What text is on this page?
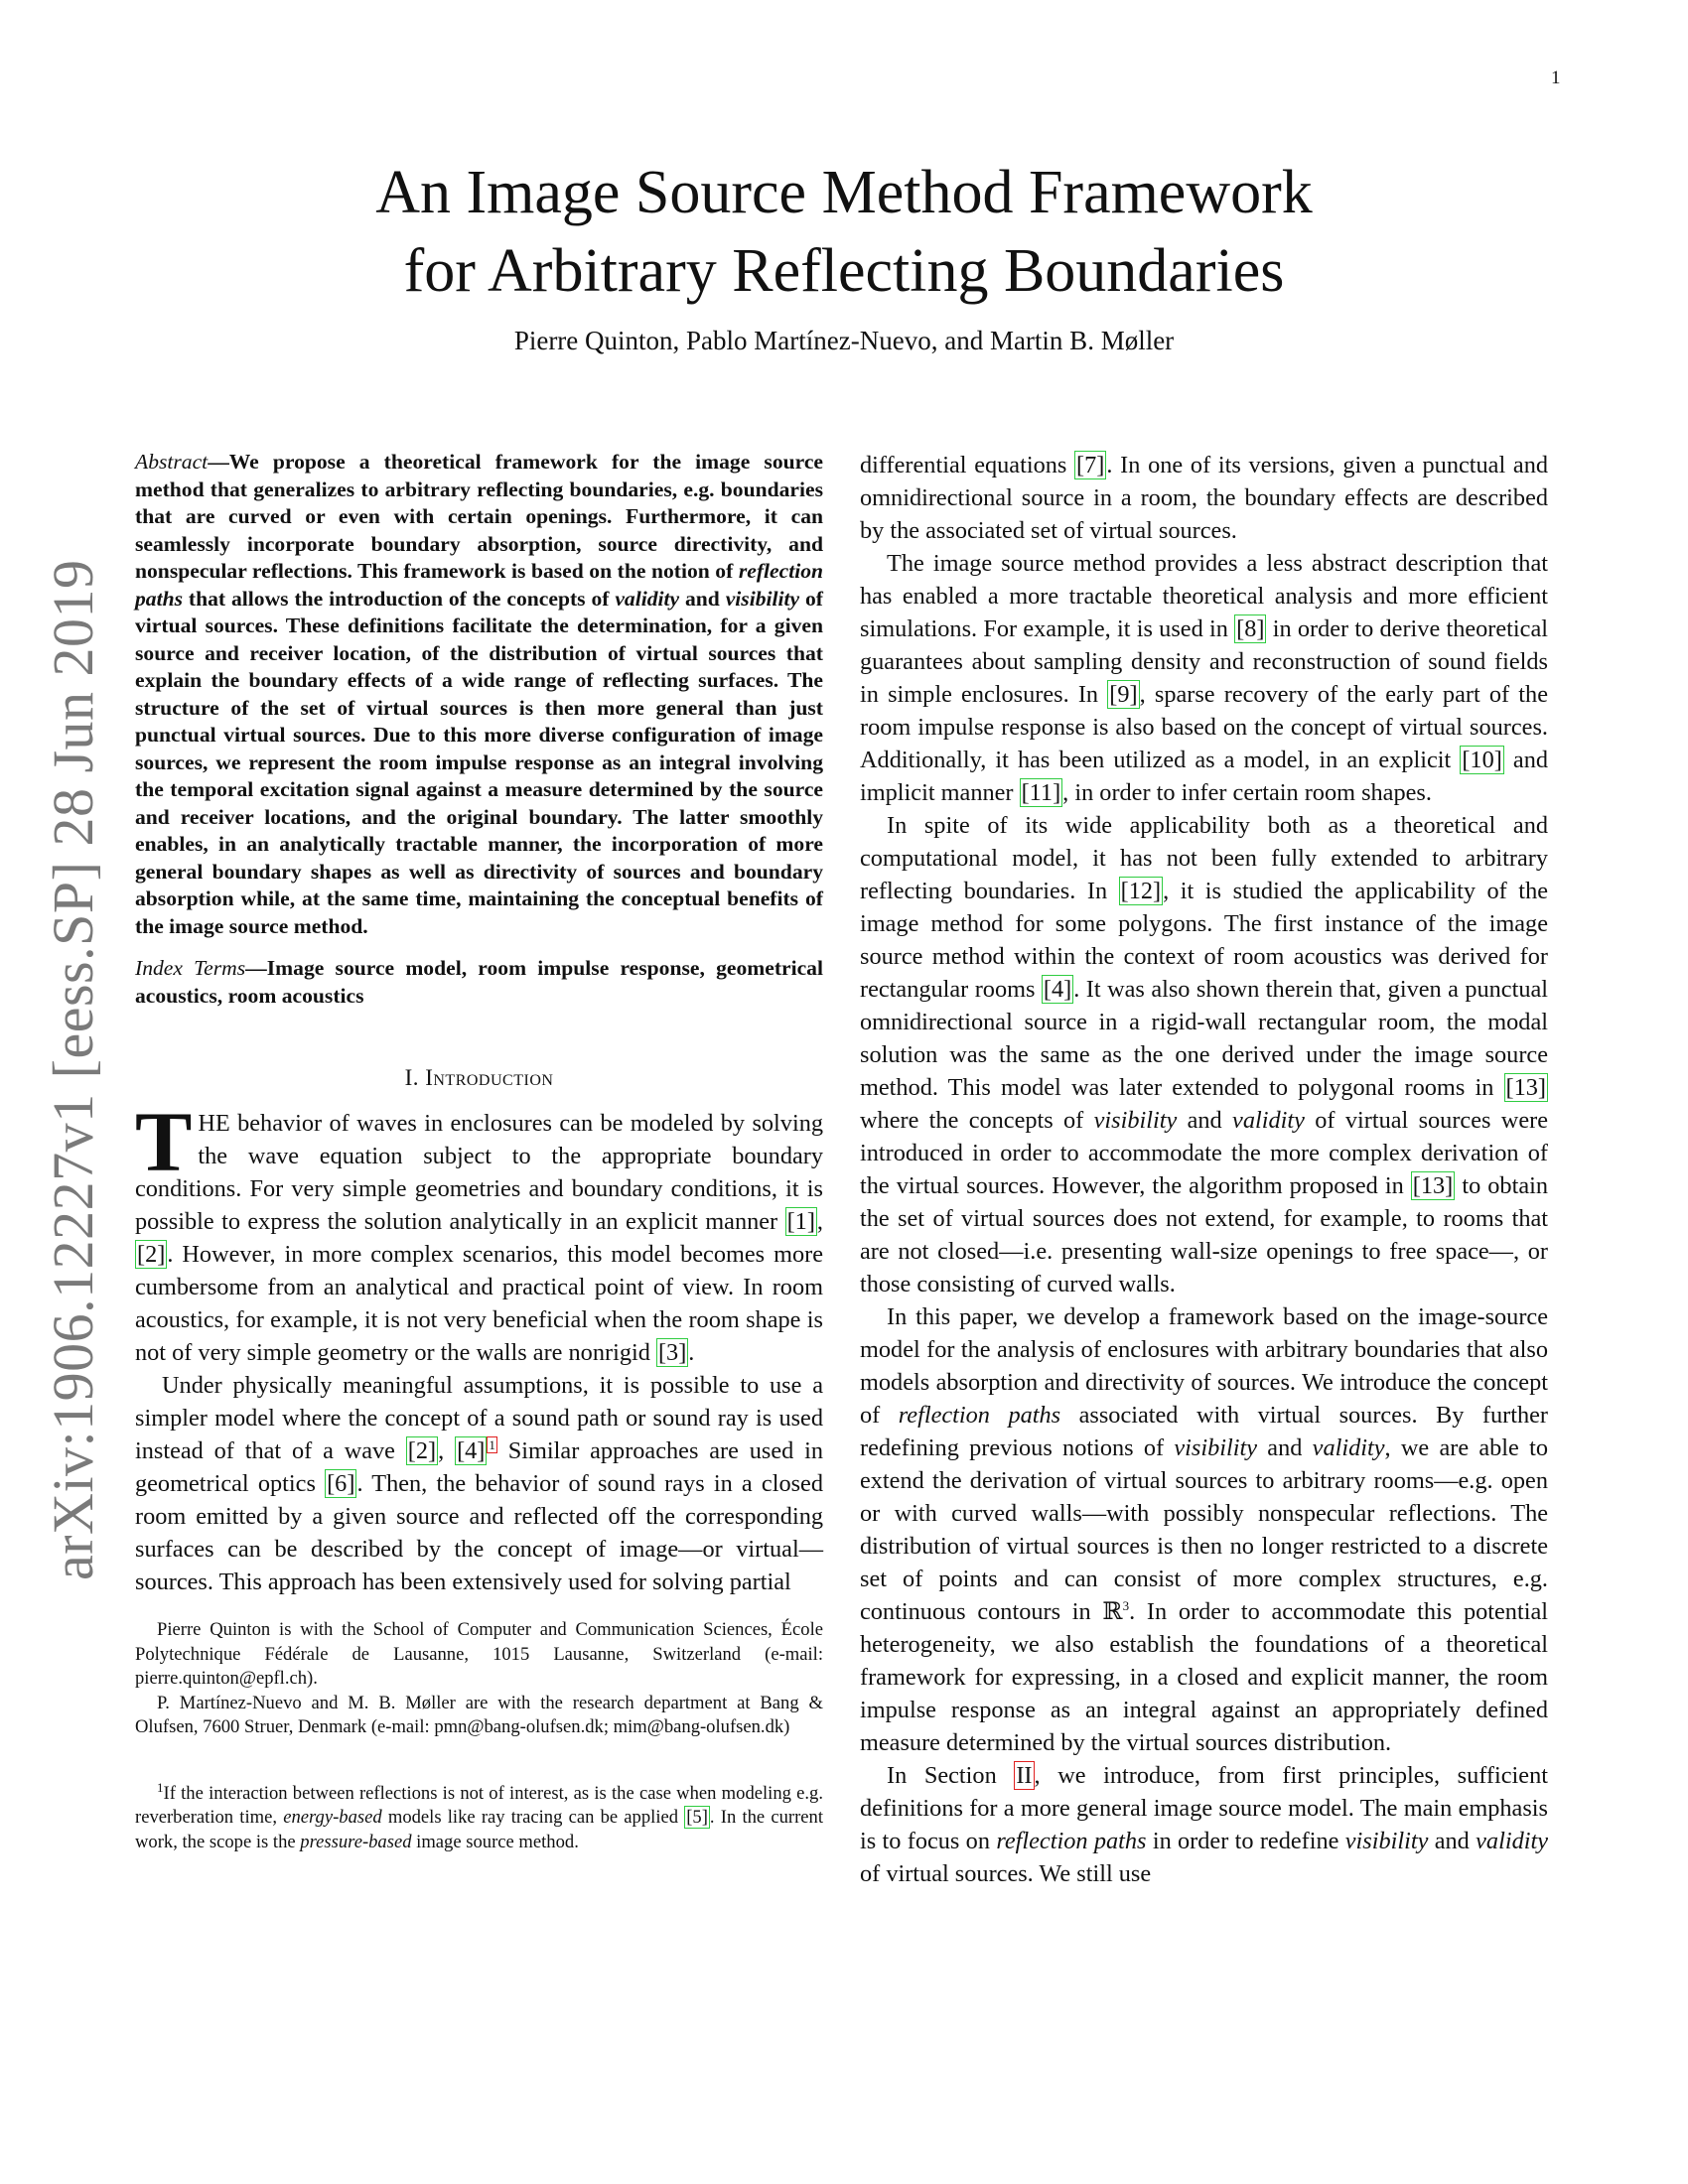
1
arXiv:1906.12227v1 [eess.SP] 28 Jun 2019
An Image Source Method Framework
for Arbitrary Reflecting Boundaries
Pierre Quinton, Pablo Martínez-Nuevo, and Martin B. Møller

Abstract—We propose a theoretical framework for the image source method that generalizes to arbitrary reflecting boundaries, e.g. boundaries that are curved or even with certain openings. Furthermore, it can seamlessly incorporate boundary absorption, source directivity, and nonspecular reflections. This framework is based on the notion of reflection paths that allows the introduction of the concepts of validity and visibility of virtual sources. These definitions facilitate the determination, for a given source and receiver location, of the distribution of virtual sources that explain the boundary effects of a wide range of reflecting surfaces. The structure of the set of virtual sources is then more general than just punctual virtual sources. Due to this more diverse configuration of image sources, we represent the room impulse response as an integral involving the temporal excitation signal against a measure determined by the source and receiver locations, and the original boundary. The latter smoothly enables, in an analytically tractable manner, the incorporation of more general boundary shapes as well as directivity of sources and boundary absorption while, at the same time, maintaining the conceptual benefits of the image source method.

Index Terms—Image source model, room impulse response, geometrical acoustics, room acoustics

I. Introduction

THE behavior of waves in enclosures can be modeled by solving the wave equation subject to the appropriate boundary conditions. For very simple geometries and boundary conditions, it is possible to express the solution analytically in an explicit manner [1], [2]. However, in more complex scenarios, this model becomes more cumbersome from an analytical and practical point of view. In room acoustics, for example, it is not very beneficial when the room shape is not of very simple geometry or the walls are nonrigid [3].

Under physically meaningful assumptions, it is possible to use a simpler model where the concept of a sound path or sound ray is used instead of that of a wave [2], [4] $^1$ Similar approaches are used in geometrical optics [6]. Then, the behavior of sound rays in a closed room emitted by a given source and reflected off the corresponding surfaces can be described by the concept of image—or virtual—sources. This approach has been extensively used for solving partial

Pierre Quinton is with the School of Computer and Communication Sciences, École Polytechnique Fédérale de Lausanne, 1015 Lausanne, Switzerland (e-mail: pierre.quinton@epfl.ch).

P. Martínez-Nuevo and M. B. Møller are with the research department at Bang & Olufsen, 7600 Struer, Denmark (e-mail: pmn@bang-olufsen.dk; mim@bang-olufsen.dk)

$^1$If the interaction between reflections is not of interest, as is the case when modeling e.g. reverberation time, energy-based models like ray tracing can be applied [5] . In the current work, the scope is the pressure-based image source method.

differential equations [7]. In one of its versions, given a punctual and omnidirectional source in a room, the boundary effects are described by the associated set of virtual sources.

The image source method provides a less abstract description that has enabled a more tractable theoretical analysis and more efficient simulations. For example, it is used in [8] in order to derive theoretical guarantees about sampling density and reconstruction of sound fields in simple enclosures. In [9], sparse recovery of the early part of the room impulse response is also based on the concept of virtual sources. Additionally, it has been utilized as a model, in an explicit [10] and implicit manner [11], in order to infer certain room shapes.

In spite of its wide applicability both as a theoretical and computational model, it has not been fully extended to arbitrary reflecting boundaries. In [12], it is studied the applicability of the image method for some polygons. The first instance of the image source method within the context of room acoustics was derived for rectangular rooms [4]. It was also shown therein that, given a punctual omnidirectional source in a rigid-wall rectangular room, the modal solution was the same as the one derived under the image source method. This model was later extended to polygonal rooms in [13] where the concepts of visibility and validity of virtual sources were introduced in order to accommodate the more complex derivation of the virtual sources. However, the algorithm proposed in [13] to obtain the set of virtual sources does not extend, for example, to rooms that are not closed—i.e. presenting wall-size openings to free space—, or those consisting of curved walls.

In this paper, we develop a framework based on the image-source model for the analysis of enclosures with arbitrary boundaries that also models absorption and directivity of sources. We introduce the concept of reflection paths associated with virtual sources. By further redefining previous notions of visibility and validity, we are able to extend the derivation of virtual sources to arbitrary rooms—e.g. open or with curved walls—with possibly nonspecular reflections. The distribution of virtual sources is then no longer restricted to a discrete set of points and can consist of more complex structures, e.g. continuous contours in ℝ$^3$. In order to accommodate this potential heterogeneity, we also establish the foundations of a theoretical framework for expressing, in a closed and explicit manner, the room impulse response as an integral against an appropriately defined measure determined by the virtual sources distribution.

In Section II, we introduce, from first principles, sufficient definitions for a more general image source model. The main emphasis is to focus on reflection paths in order to redefine visibility and validity of virtual sources. We still use
